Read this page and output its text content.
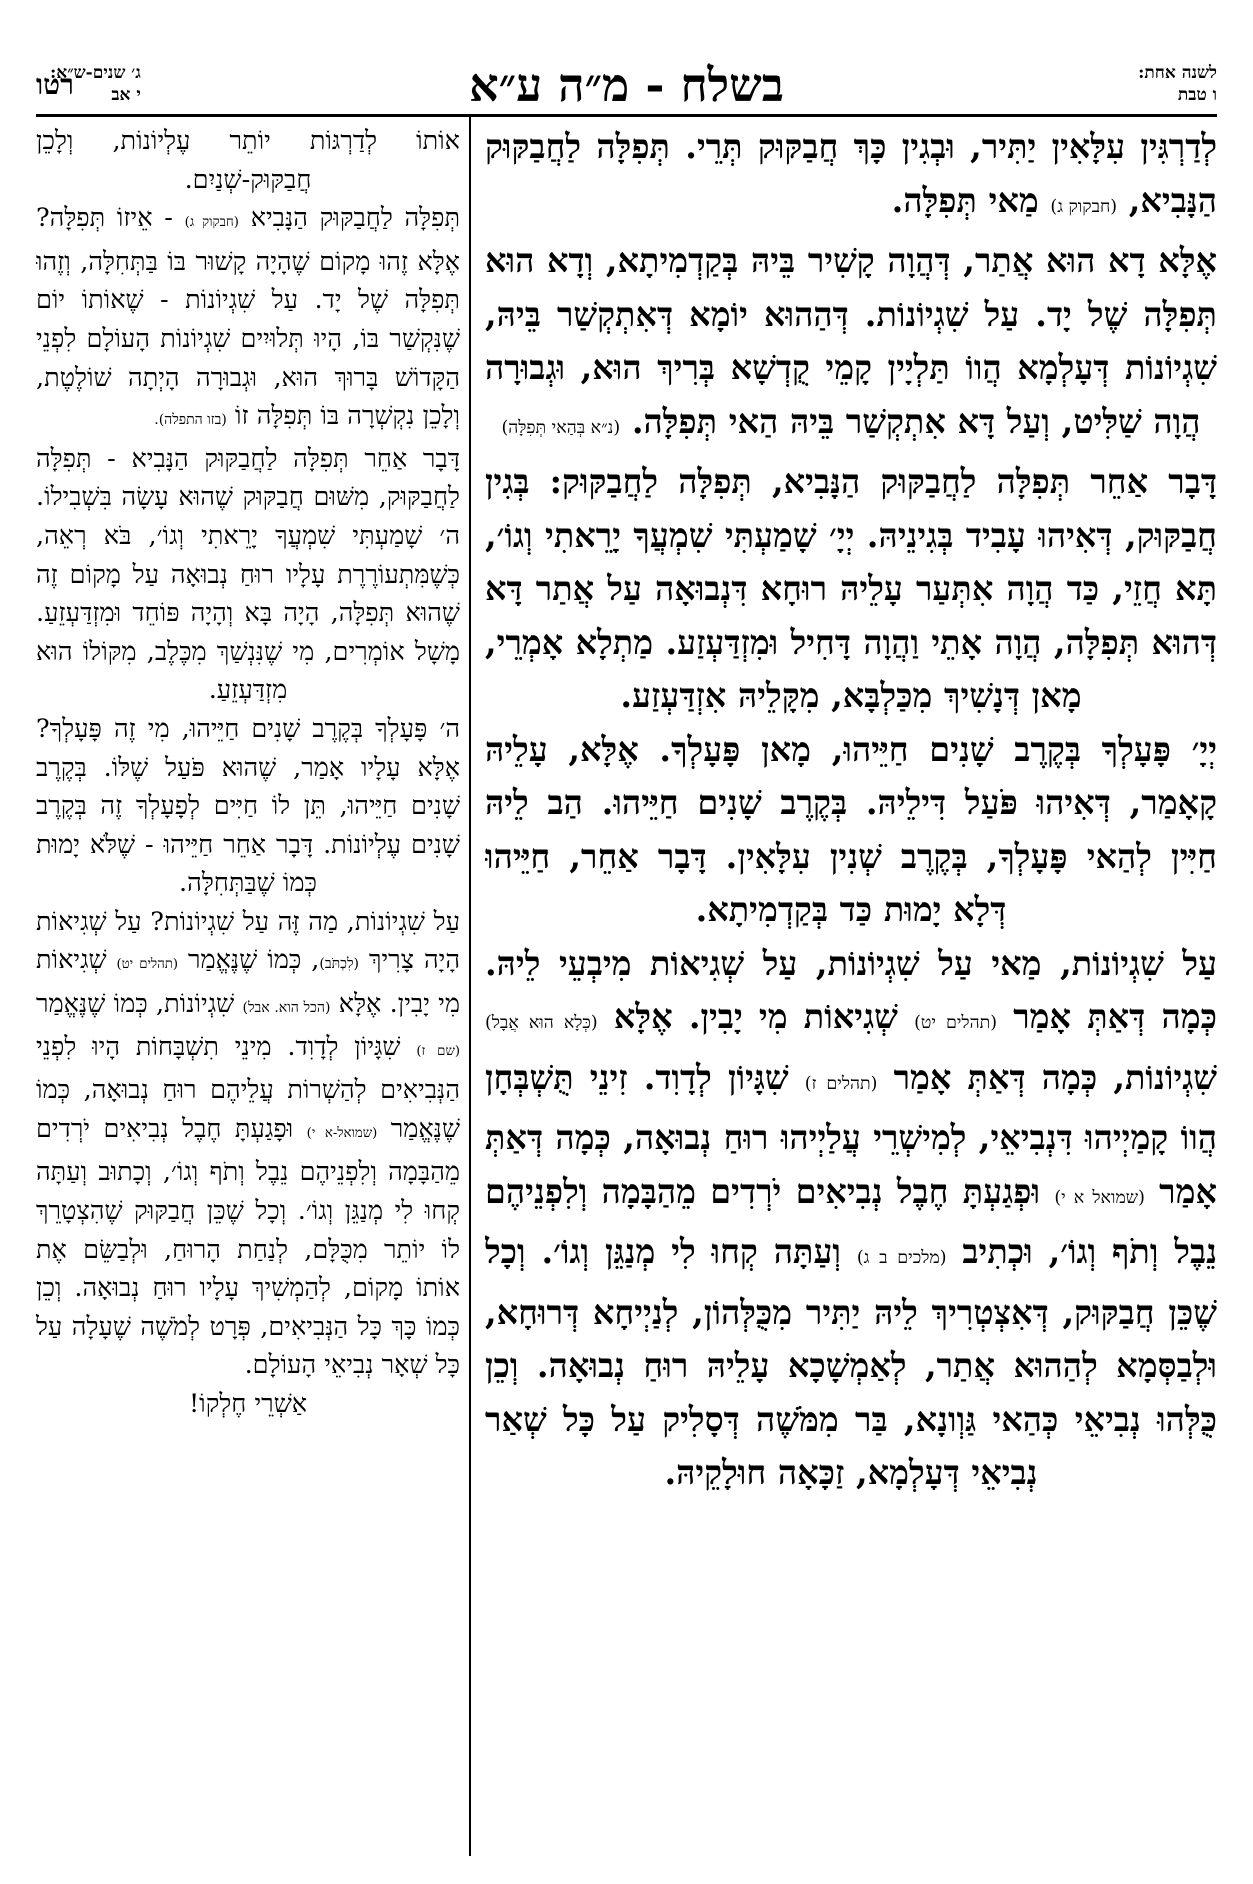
לשנה אחת:
ו טבת
בשלח - מ״ה ע״א
ג׳ שנים-ש״א:
י אב
רטו

לְדַרְגִּין עִלָּאִין יַתִּיר, וּבְגִין כָּךְ חֲבַקּוּק תְּרֵי. תְּפִלָּה לַחֲבַקּוּק הַנָּבִיא, (חבקוק ג) מַאי תְּפִלָּה.

אֶלָּא דָא הוּא אֲתַר, דְּהֲוָה קָשִׁיר בֵּיהּ בְּקַדְמִיתָא, וְדָא הוּא תְּפִלָּה שֶׁל יָד. עַל שִׁגְיוֹנוֹת. דְּהַהוּא יוֹמָא דְּאִתְקְשַׁר בֵּיהּ, שִׁגְיוֹנוֹת דְּעָלְמָא הֲווֹ תַּלְיָין קָמֵי קֻדְשָׁא בְּרִיךְ הוּא, וּגְבוּרָה הֲוָה שַׁלִּיט, וְעַל דָּא אִתְקְשַׁר בֵּיהּ הַאי תְּפִלָּה. (נ״א בְּהַאי תְּפִלָּה)

דָּבָר אַחֵר תְּפִלָּה לַחֲבַקּוּק הַנָּבִיא, תְּפִלָּה לַחֲבַקּוּק: בְּגִין חֲבַקּוּק, דְּאִיהוּ עָבִיד בְּגִינֵיהּ. יְיָ׳ שָׁמַעְתִּי שִׁמְעֲךָ יָרֵאתִי וְגוֹ׳, תָּא חֲזֵי, כַּד הֲוָה אִתְּעַר עָלֵיהּ רוּחָא דִּנְבוּאָה עַל אֲתַר דָּא דְּהוּא תְּפִלָּה, הֲוָה אָתֵי וַהֲוָה דָּחִיל וּמִזְדַּעְזַע. מַתְלָא אָמְרֵי, מָאן דְּנָשִׁיךְ מִכַּלְבָּא, מִקָּלֵיהּ אִזְדַּעְזַע.

יְיָ׳ פָּעָלְךָ בְּקֶרֶב שָׁנִים חַיֵּיהוּ, מָאן פָּעָלְךָ. אֶלָּא, עָלֵיהּ קָאָמַר, דְּאִיהוּ פֹּעַל דִּילֵיהּ. בְּקֶרֶב שָׁנִים חַיֵּיהוּ. הַב לֵיהּ חַיִּין לְהַאי פָּעָלְךָ, בְּקֶרֶב שְׁנִין עִלָּאִין. דָּבָר אַחֵר, חַיֵּיהוּ דְּלָא יָמוּת כַּד בְּקַדְמִיתָא.

עַל שִׁגְיוֹנוֹת, מַאי עַל שִׁגְיוֹנוֹת, עַל שְׁגִיאוֹת מִיבְעֵי לֵיהּ. כְּמָה דְּאַתְּ אָמַר (תהלים יט) שְׁגִיאוֹת מִי יָבִין. אֶלָּא (כְּלָא הוּא אֲבָל) שִׁגְיוֹנוֹת, כְּמָה דְּאַתְּ אָמַר (תהלים ז) שִׁגָּיוֹן לְדָוִד. זִינֵי תֻּשְׁבְּחָן הֲווֹ קָמַיְיהוּ דִּנְבִיאֵי, לְמִישְׁרֵי עֲלַיְיהוּ רוּחַ נְבוּאָה, כְּמָה דְּאַתְּ אָמַר (שמואל א י) וּפְגַעְתָּ חֶבֶל נְבִיאִים יֹרְדִים מֵהַבָּמָה וְלִפְנֵיהֶם נֵבֶל וְתֹף וְגוֹ׳, וּכְתִיב (מלכים ב ג) וְעַתָּה קְחוּ לִי מְנַגֵּן וְגוֹ׳. וְכָל שֶׁכֵּן חֲבַקּוּק, דְּאִצְטְרִיךְ לֵיהּ יַתִּיר מִכֻּלְּהוֹן, לְנַיְיחָא דְּרוּחָא, וּלְבַסְּמָא לְהַהוּא אֲתַר, לְאַמְשָׁכָא עָלֵיהּ רוּחַ נְבוּאָה. וְכֵן כֻּלְּהוּ נְבִיאֵי כְּהַאי גַּוְונָא, בַּר מִמֹּשֶׁה דְּסָלִיק עַל כָּל שְׁאַר נְבִיאֵי דְּעָלְמָא, זַכָּאָה חוּלָקֵיהּ.

אוֹתוֹ לְדַרְגּוֹת יוֹתֵר עֶלְיוֹנוֹת, וְלָכֵן חֲבַקּוּק-שְׁנַיִם.

תְּפִלָּה לַחֲבַקּוּק הַנָּבִיא (חבקוק ג) - אֵיזוֹ תְּפִלָּה? אֶלָּא זֶהוּ מָקוֹם שֶׁהָיָה קָשׁוּר בּוֹ בַּתְּחִלָּה, וְזֶהוּ תְּפִלָּה שֶׁל יָד. עַל שִׁגְיוֹנוֹת - שֶׁאוֹתוֹ יוֹם שֶׁנִּקְשַׁר בּוֹ, הָיוּ תְּלוּיִים שִׁגְיוֹנוֹת הָעוֹלָם לִפְנֵי הַקָּדוֹשׁ בָּרוּךְ הוּא, וּגְבוּרָה הָיְתָה שׁוֹלֶטֶת, וְלָכֵן נִקְשְׁרָה בּוֹ תְּפִלָּה זוֹ (בזו התפלה).

דָּבָר אַחֵר תְּפִלָּה לַחֲבַקּוּק הַנָּבִיא - תְּפִלָּה לַחֲבַקּוּק, מִשּׁוּם חֲבַקּוּק שֶׁהוּא עָשָׂה בִּשְׁבִילוֹ. ה׳ שָׁמַעְתִּי שִׁמְעֲךָ יָרֵאתִי וְגוֹ׳, בֹּא רְאֵה, כְּשֶׁמִּתְעוֹרֶרֶת עָלָיו רוּחַ נְבוּאָה עַל מָקוֹם זֶה שֶׁהוּא תְּפִלָּה, הָיָה בָּא וְהָיָה פּוֹחֵד וּמִזְדַּעְזֵעַ. מָשָׁל אוֹמְרִים, מִי שֶׁנִּנְשַׁךְ מִכֶּלֶב, מִקּוֹלוֹ הוּא מִזְדַּעְזֵעַ.

ה׳ פָּעָלְךָ בְּקֶרֶב שָׁנִים חַיֵּיהוּ, מִי זֶה פָּעָלְךָ? אֶלָּא עָלָיו אָמַר, שֶׁהוּא פֹּעַל שֶׁלּוֹ. בְּקֶרֶב שָׁנִים חַיֵּיהוּ, תֵּן לוֹ חַיִּים לְפָעָלְךָ זֶה בְּקֶרֶב שָׁנִים עֶלְיוֹנוֹת. דָּבָר אַחֵר חַיֵּיהוּ - שֶׁלֹּא יָמוּת כְּמוֹ שֶׁבַּתְּחִלָּה.

עַל שִׁגְיוֹנוֹת, מַה זֶּה עַל שִׁגְיוֹנוֹת? עַל שְׁגִיאוֹת הָיָה צָרִיךְ (לִכְתֹּב), כְּמוֹ שֶׁנֶּאֱמַר (תהלים יט) שְׁגִיאוֹת מִי יָבִין. אֶלָּא (הכל הוא. אבל) שִׁגְיוֹנוֹת, כְּמוֹ שֶׁנֶּאֱמַר (שם ז) שִׁגָּיוֹן לְדָוִד. מִינֵי תִשְׁבָּחוֹת הָיוּ לִפְנֵי הַנְּבִיאִים לְהַשְׁרוֹת עֲלֵיהֶם רוּחַ נְבוּאָה, כְּמוֹ שֶׁנֶּאֱמַר (שמואל-א י) וּפָגַעְתָּ חֶבֶל נְבִיאִים יֹרְדִים מֵהַבָּמָה וְלִפְנֵיהֶם נֵבֶל וְתֹף וְגוֹ׳, וְכָתוּב וְעַתָּה קְחוּ לִי מְנַגֵּן וְגוֹ׳. וְכָל שֶׁכֵּן חֲבַקּוּק שֶׁהִצְטָרֵךְ לוֹ יוֹתֵר מִכֻּלָּם, לְנַחַת הָרוּחַ, וּלְבַשֵּׂם אֶת אוֹתוֹ מָקוֹם, לְהַמְשִׁיךְ עָלָיו רוּחַ נְבוּאָה. וְכֵן כְּמוֹ כָּךְ כָּל הַנְּבִיאִים, פְּרָט לְמֹשֶׁה שֶׁעָלָה עַל כָּל שְׁאָר נְבִיאֵי הָעוֹלָם.

אַשְׁרֵי חֶלְקוֹ!
